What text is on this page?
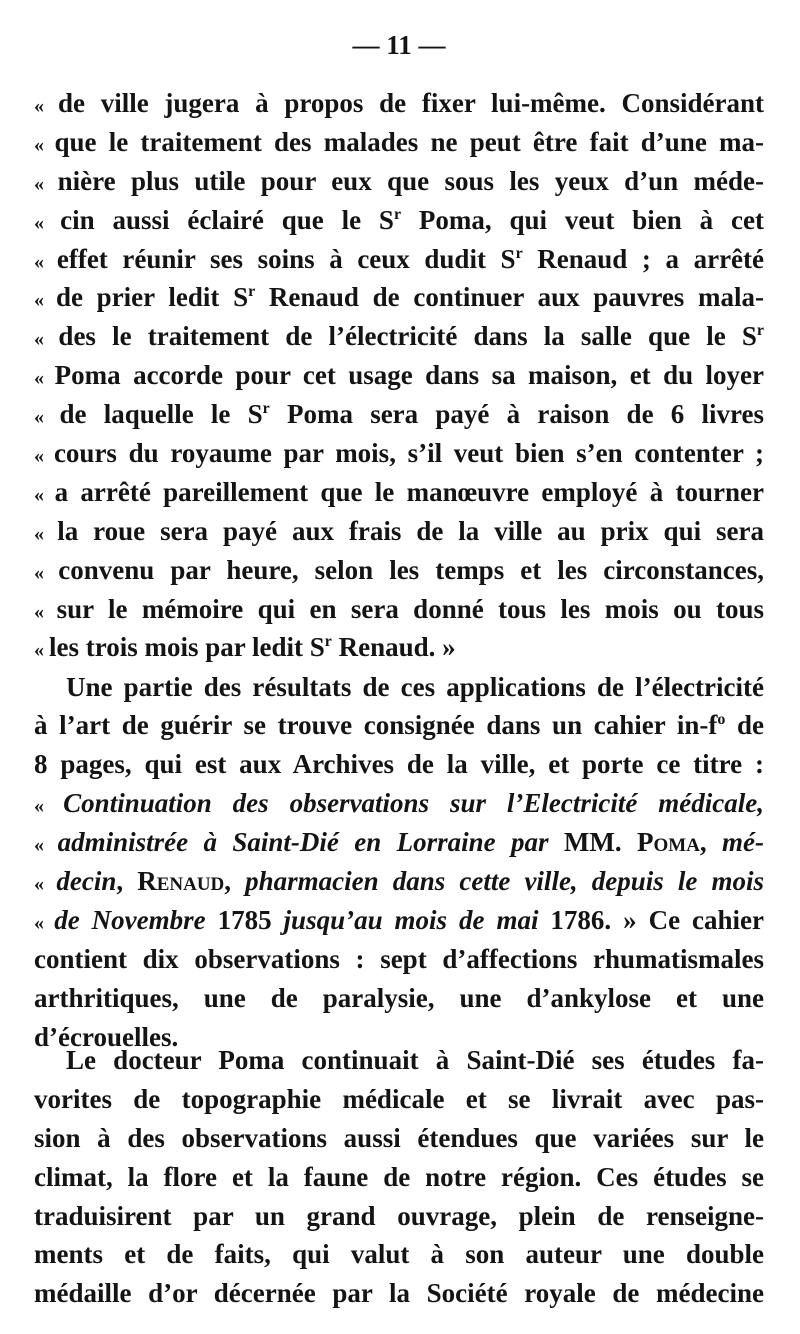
— 11 —
« de ville jugera à propos de fixer lui-même. Considérant
« que le traitement des malades ne peut être fait d’une ma-
« nière plus utile pour eux que sous les yeux d’un méde-
« cin aussi éclairé que le $S^r$ Poma, qui veut bien à cet
« effet réunir ses soins à ceux dudit $S^r$ Renaud ; a arrêté
« de prier ledit $S^r$ Renaud de continuer aux pauvres mala-
« des le traitement de l’électricité dans la salle que le $S^r$
« Poma accorde pour cet usage dans sa maison, et du loyer
« de laquelle le $S^r$ Poma sera payé à raison de 6 livres
« cours du royaume par mois, s’il veut bien s’en contenter ;
« a arrêté pareillement que le manœuvre employé à tourner
« la roue sera payé aux frais de la ville au prix qui sera
« convenu par heure, selon les temps et les circonstances,
« sur le mémoire qui en sera donné tous les mois ou tous
« les trois mois par ledit $S^r$ Renaud. »
Une partie des résultats de ces applications de l’électricité
à l’art de guérir se trouve consignée dans un cahier $in-f^o$ de
8 pages, qui est aux Archives de la ville, et porte ce titre :
« Continuation des observations sur l’Electricité médicale,
« administrée à Saint-Dié en Lorraine par MM. Poma, mé-
« decin, Renaud, pharmacien dans cette ville, depuis le mois
« de Novembre 1785 jusqu’au mois de mai 1786. » Ce cahier
contient dix observations : sept d’affections rhumatismales
arthritiques, une de paralysie, une d’ankylose et une
d’écrouelles.
Le docteur Poma continuait à Saint-Dié ses études fa-
vorites de topographie médicale et se livrait avec pas-
sion à des observations aussi étendues que variées sur le
climat, la flore et la faune de notre région. Ces études se
traduisirent par un grand ouvrage, plein de renseigne-
ments et de faits, qui valut à son auteur une double
médaille d’or décernée par la Société royale de médecine
